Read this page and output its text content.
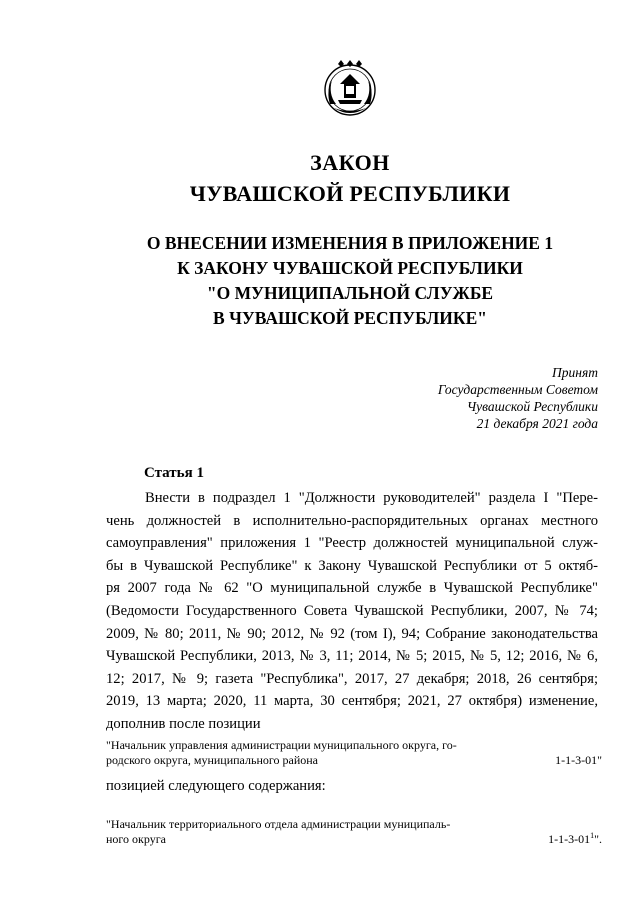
ЗАКОН
ЧУВАШСКОЙ РЕСПУБЛИКИ
О ВНЕСЕНИИ ИЗМЕНЕНИЯ В ПРИЛОЖЕНИЕ 1
К ЗАКОНУ ЧУВАШСКОЙ РЕСПУБЛИКИ
"О МУНИЦИПАЛЬНОЙ СЛУЖБЕ
В ЧУВАШСКОЙ РЕСПУБЛИКЕ"
Принят
Государственным Советом
Чувашской Республики
21 декабря 2021 года
Статья 1
Внести в подраздел 1 "Должности руководителей" раздела I "Пере-
чень должностей в исполнительно-распорядительных органах местного
самоуправления" приложения 1 "Реестр должностей муниципальной служ-
бы в Чувашской Республике" к Закону Чувашской Республики от 5 октяб-
ря 2007 года № 62 "О муниципальной службе в Чувашской Республике"
(Ведомости Государственного Совета Чувашской Республики, 2007, № 74;
2009, № 80; 2011, № 90; 2012, № 92 (том I), 94; Собрание законодательства
Чувашской Республики, 2013, № 3, 11; 2014, № 5; 2015, № 5, 12; 2016, № 6,
12; 2017, № 9; газета "Республика", 2017, 27 декабря; 2018, 26 сентября;
2019, 13 марта; 2020, 11 марта, 30 сентября; 2021, 27 октября) изменение,
дополнив после позиции
"Начальник управления администрации муниципального округа, го-
родского округа, муниципального района	1-1-3-01"
позицией следующего содержания:
"Начальник территориального отдела администрации муниципаль-
ного округа	$1-1-3-01^1$".
